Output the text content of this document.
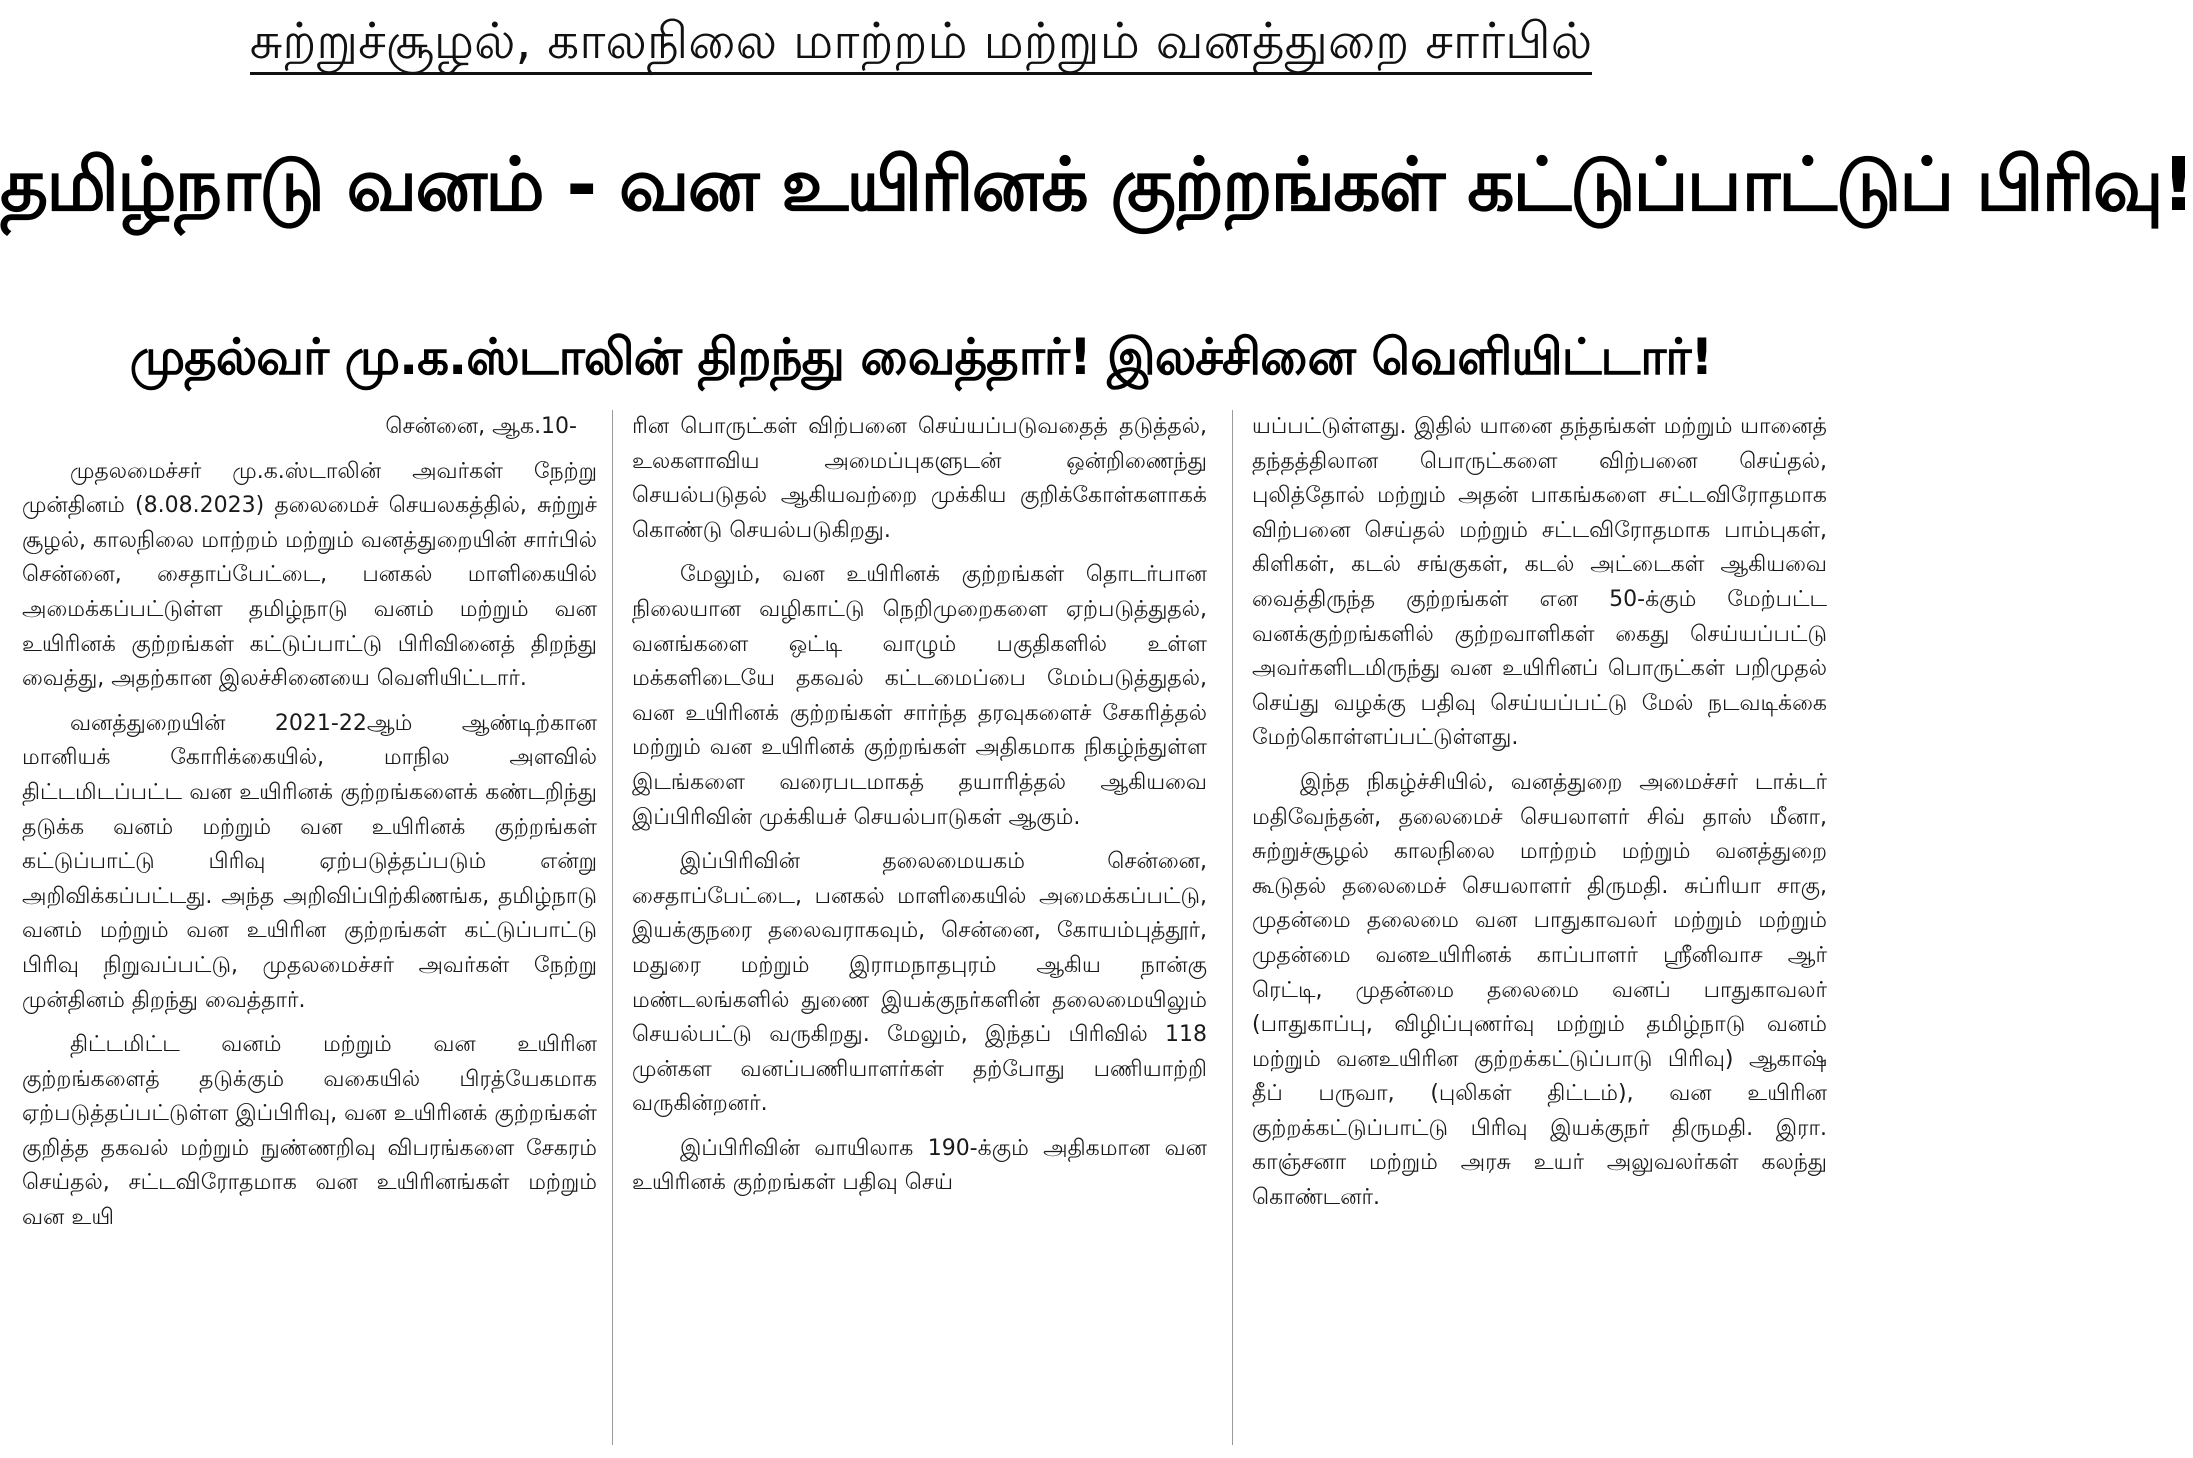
சுற்றுச்சூழல், காலநிலை மாற்றம் மற்றும் வனத்துறை சார்பில்
தமிழ்நாடு வனம் - வன உயிரினக் குற்றங்கள் கட்டுப்பாட்டுப் பிரிவு!
முதல்வர் மு.க.ஸ்டாலின் திறந்து வைத்தார்! இலச்சினை வெளியிட்டார்!

சென்னை, ஆக.10-

முதலமைச்சர் மு.க.ஸ்டாலின் அவர்கள் நேற்று முன்தினம் (8.08.2023) தலைமைச் செயலகத்தில், சுற்றுச் சூழல், காலநிலை மாற்றம் மற்றும் வனத்துறையின் சார்பில் சென்னை, சைதாப்பேட்டை, பனகல் மாளிகையில் அமைக்கப்பட்டுள்ள தமிழ்நாடு வனம் மற்றும் வன உயிரினக் குற்றங்கள் கட்டுப்பாட்டு பிரிவினைத் திறந்து வைத்து, அதற்கான இலச்சினையை வெளியிட்டார்.

வனத்துறையின் 2021-22ஆம் ஆண்டிற்கான மானியக் கோரிக்கையில், மாநில அளவில் திட்டமிடப்பட்ட வன உயிரினக் குற்றங்களைக் கண்டறிந்து தடுக்க வனம் மற்றும் வன உயிரினக் குற்றங்கள் கட்டுப்பாட்டு பிரிவு ஏற்படுத்தப்படும் என்று அறிவிக்கப்பட்டது. அந்த அறிவிப்பிற்கிணங்க, தமிழ்நாடு வனம் மற்றும் வன உயிரின குற்றங்கள் கட்டுப்பாட்டு பிரிவு நிறுவப்பட்டு, முதலமைச்சர் அவர்கள் நேற்று முன்தினம் திறந்து வைத்தார்.

திட்டமிட்ட வனம் மற்றும் வன உயிரின குற்றங்களைத் தடுக்கும் வகையில் பிரத்யேகமாக ஏற்படுத்தப்பட்டுள்ள இப்பிரிவு, வன உயிரினக் குற்றங்கள் குறித்த தகவல் மற்றும் நுண்ணறிவு விபரங்களை சேகரம் செய்தல், சட்டவிரோதமாக வன உயிரினங்கள் மற்றும் வன உயி

ரின பொருட்கள் விற்பனை செய்யப்படுவதைத் தடுத்தல், உலகளாவிய அமைப்புகளுடன் ஒன்றிணைந்து செயல்படுதல் ஆகியவற்றை முக்கிய குறிக்கோள்களாகக் கொண்டு செயல்படுகிறது.

மேலும், வன உயிரினக் குற்றங்கள் தொடர்பான நிலையான வழிகாட்டு நெறிமுறைகளை ஏற்படுத்துதல், வனங்களை ஒட்டி வாழும் பகுதிகளில் உள்ள மக்களிடையே தகவல் கட்டமைப்பை மேம்படுத்துதல், வன உயிரினக் குற்றங்கள் சார்ந்த தரவுகளைச் சேகரித்தல் மற்றும் வன உயிரினக் குற்றங்கள் அதிகமாக நிகழ்ந்துள்ள இடங்களை வரைபடமாகத் தயாரித்தல் ஆகியவை இப்பிரிவின் முக்கியச் செயல்பாடுகள் ஆகும்.

இப்பிரிவின் தலைமையகம் சென்னை, சைதாப்பேட்டை, பனகல் மாளிகையில் அமைக்கப்பட்டு, இயக்குநரை தலைவராகவும், சென்னை, கோயம்புத்தூர், மதுரை மற்றும் இராமநாதபுரம் ஆகிய நான்கு மண்டலங்களில் துணை இயக்குநர்களின் தலைமையிலும் செயல்பட்டு வருகிறது. மேலும், இந்தப் பிரிவில் 118 முன்கள வனப்பணியாளர்கள் தற்போது பணியாற்றி வருகின்றனர்.

இப்பிரிவின் வாயிலாக 190-க்கும் அதிகமான வன உயிரினக் குற்றங்கள் பதிவு செய்

யப்பட்டுள்ளது. இதில் யானை தந்தங்கள் மற்றும் யானைத் தந்தத்திலான பொருட்களை விற்பனை செய்தல், புலித்தோல் மற்றும் அதன் பாகங்களை சட்டவிரோதமாக விற்பனை செய்தல் மற்றும் சட்டவிரோதமாக பாம்புகள், கிளிகள், கடல் சங்குகள், கடல் அட்டைகள் ஆகியவை வைத்திருந்த குற்றங்கள் என 50-க்கும் மேற்பட்ட வனக்குற்றங்களில் குற்றவாளிகள் கைது செய்யப்பட்டு அவர்களிடமிருந்து வன உயிரினப் பொருட்கள் பறிமுதல் செய்து வழக்கு பதிவு செய்யப்பட்டு மேல் நடவடிக்கை மேற்கொள்ளப்பட்டுள்ளது.

இந்த நிகழ்ச்சியில், வனத்துறை அமைச்சர் டாக்டர் மதிவேந்தன், தலைமைச் செயலாளர் சிவ் தாஸ் மீனா, சுற்றுச்சூழல் காலநிலை மாற்றம் மற்றும் வனத்துறை கூடுதல் தலைமைச் செயலாளர் திருமதி. சுப்ரியா சாகு, முதன்மை தலைமை வன பாதுகாவலர் மற்றும் மற்றும் முதன்மை வனஉயிரினக் காப்பாளர் ஸ்ரீனிவாச ஆர் ரெட்டி, முதன்மை தலைமை வனப் பாதுகாவலர் (பாதுகாப்பு, விழிப்புணர்வு மற்றும் தமிழ்நாடு வனம் மற்றும் வனஉயிரின குற்றக்கட்டுப்பாடு பிரிவு) ஆகாஷ் தீப் பருவா, (புலிகள் திட்டம்), வன உயிரின குற்றக்கட்டுப்பாட்டு பிரிவு இயக்குநர் திருமதி. இரா. காஞ்சனா மற்றும் அரசு உயர் அலுவலர்கள் கலந்து கொண்டனர்.
